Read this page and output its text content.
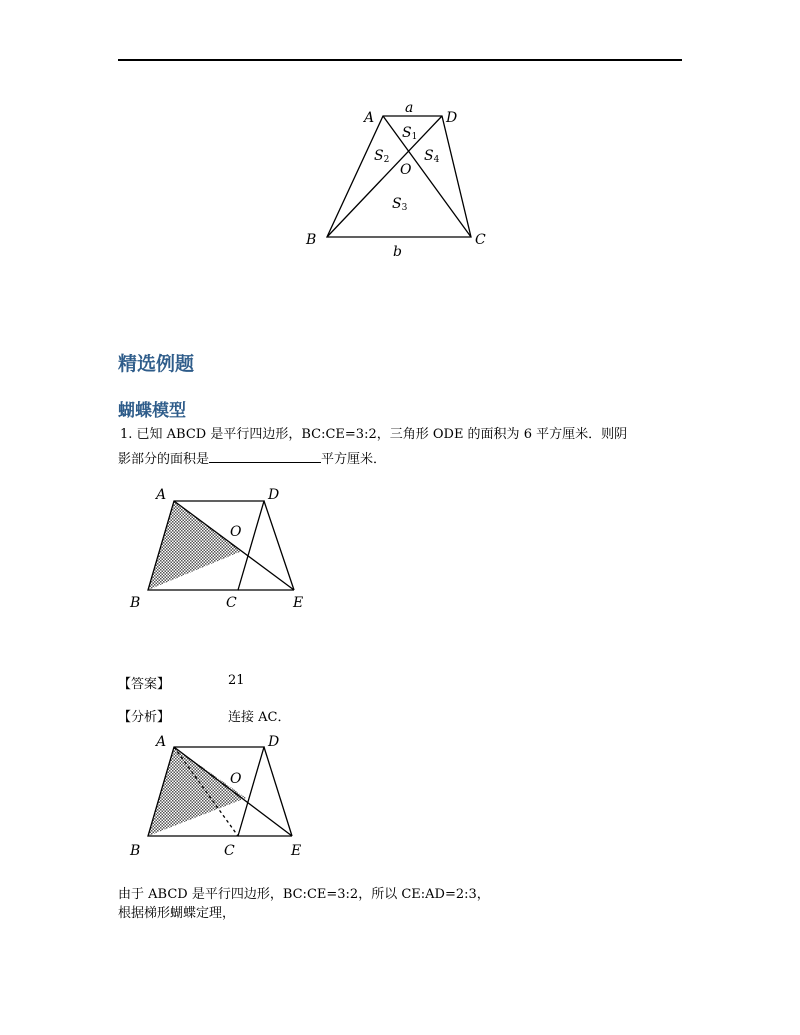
A	D
a
B	C
b
O
S1
S2 S4
S3
精选例题
蝴蝶模型
1. 已知 ABCD 是平行四边形，BC:CE=3:2，三角形 ODE 的面积为 6 平方厘米．则阴
影部分的面积是	平方厘米．
A	D
O
B	C	E
【答案】	21
【分析】	连接 AC．
A	D
O
B	C	E
由于 ABCD 是平行四边形，BC:CE=3:2，所以 CE:AD=2:3，
根据梯形蝴蝶定理，
